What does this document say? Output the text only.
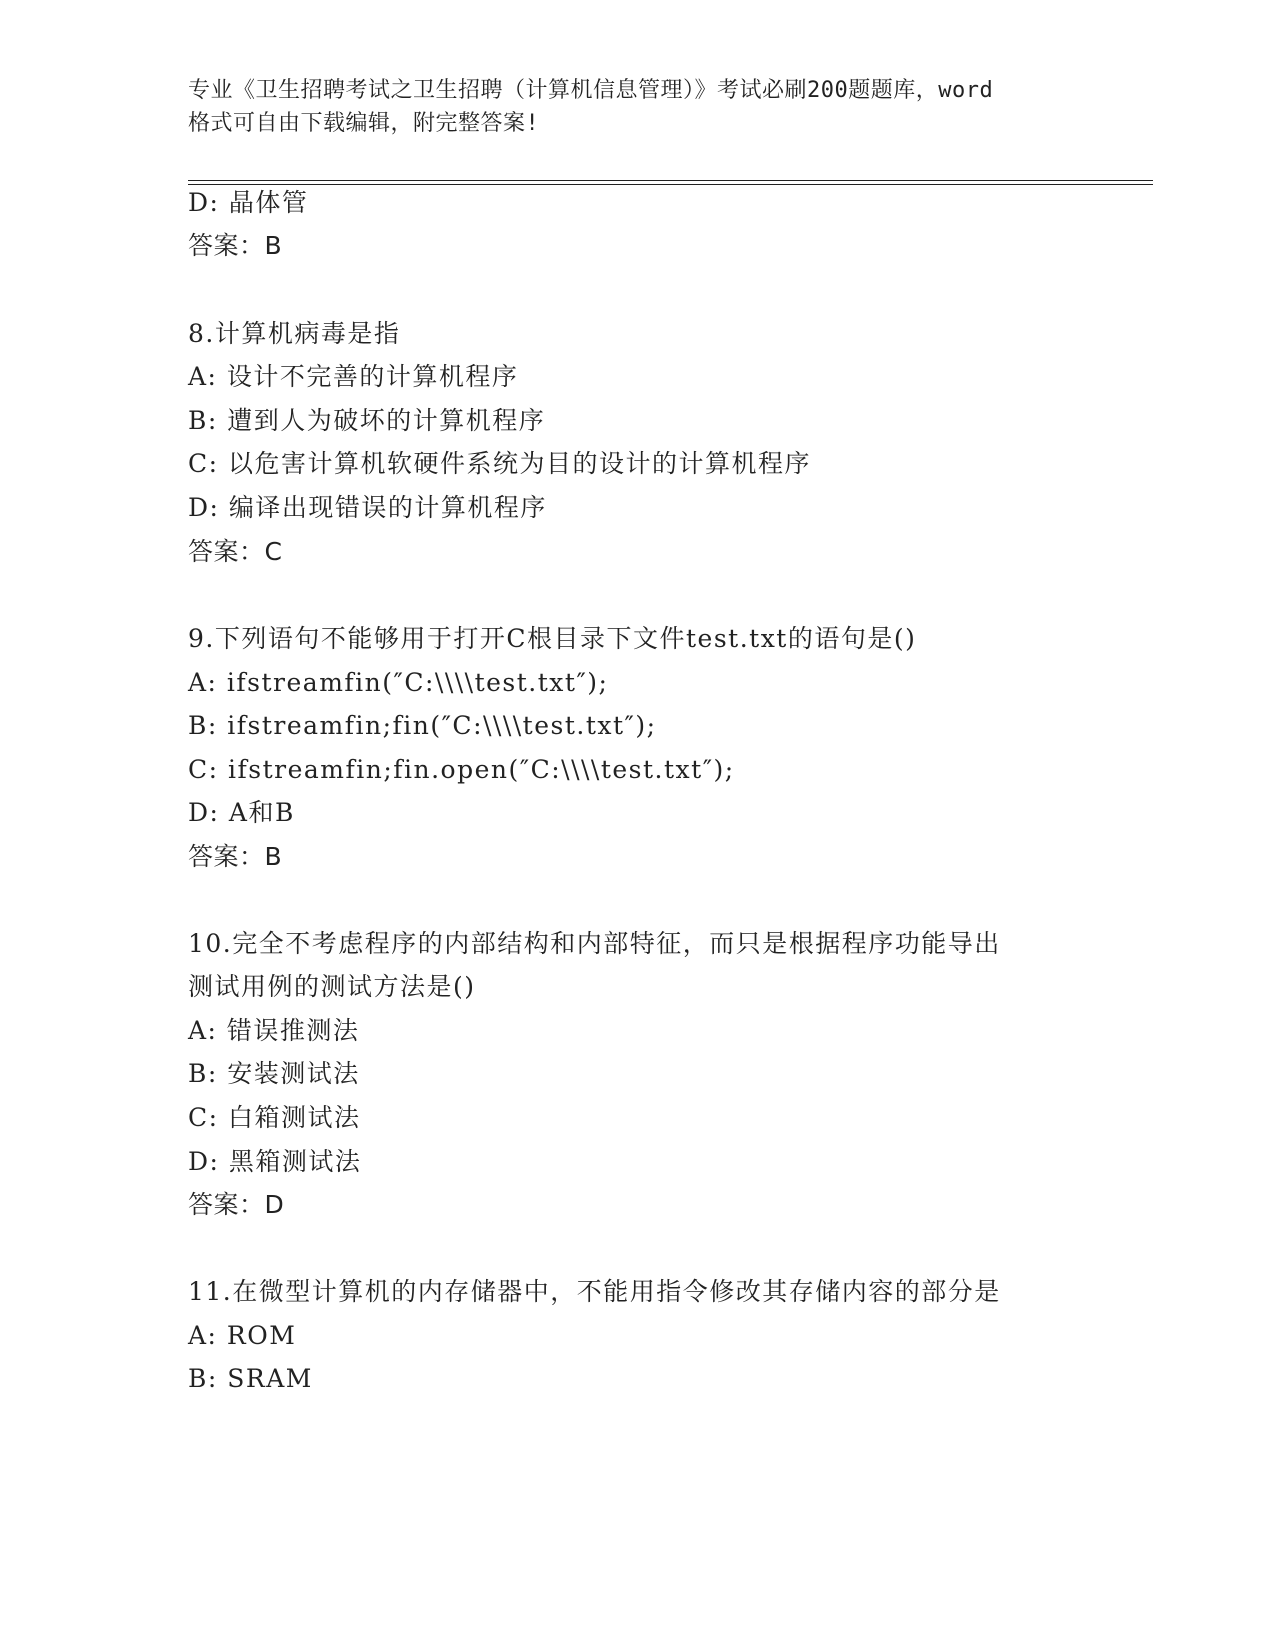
专业《卫生招聘考试之卫生招聘（计算机信息管理）》考试必刷200题题库，word
格式可自由下载编辑，附完整答案!
D: 晶体管
答案：B
8.计算机病毒是指
A: 设计不完善的计算机程序
B: 遭到人为破坏的计算机程序
C: 以危害计算机软硬件系统为目的设计的计算机程序
D: 编译出现错误的计算机程序
答案：C
9.下列语句不能够用于打开C根目录下文件test.txt的语句是()
A: ifstreamfin(″C:\\\\test.txt″);
B: ifstreamfin;fin(″C:\\\\test.txt″);
C: ifstreamfin;fin.open(″C:\\\\test.txt″);
D: A和B
答案：B
10.完全不考虑程序的内部结构和内部特征，而只是根据程序功能导出
测试用例的测试方法是()
A: 错误推测法
B: 安装测试法
C: 白箱测试法
D: 黑箱测试法
答案：D
11.在微型计算机的内存储器中，不能用指令修改其存储内容的部分是
A: ROM
B: SRAM
